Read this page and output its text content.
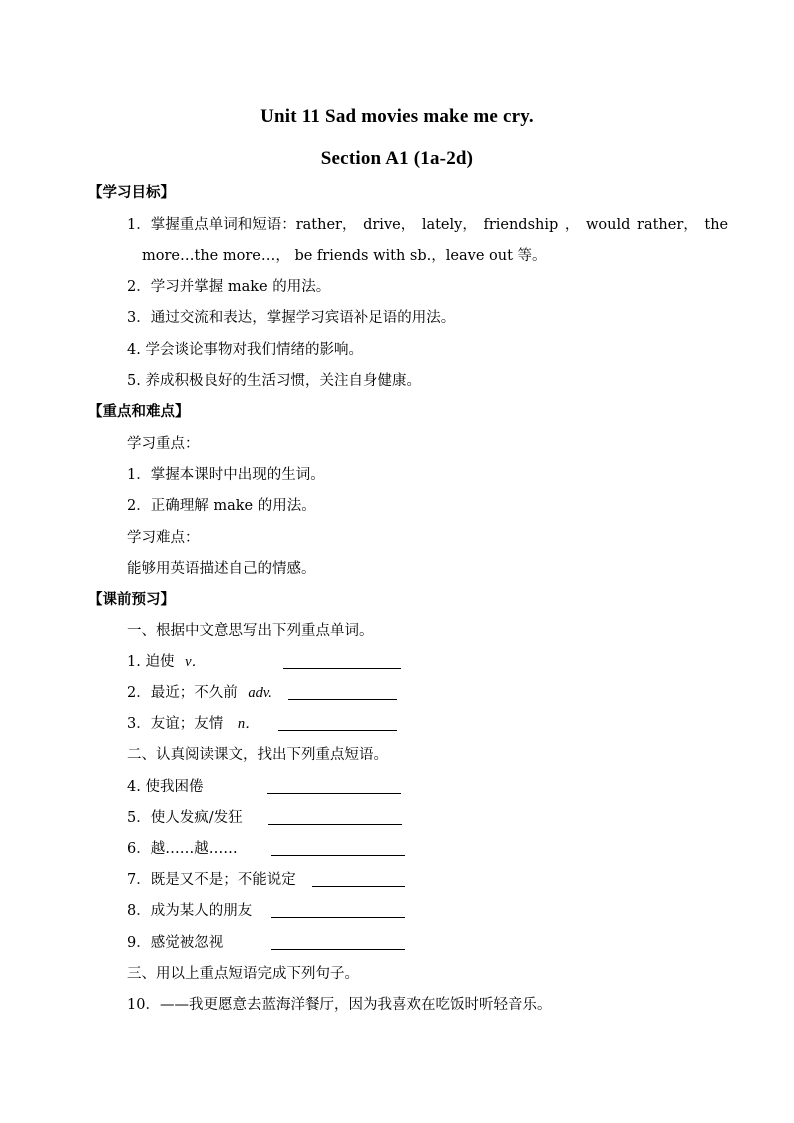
Unit 11 Sad movies make me cry.
Section A1 (1a-2d)
【学习目标】
1．掌握重点单词和短语：rather， drive， lately， friendship ， would rather， the
more…the more…， be friends with sb.，leave out 等。
2．学习并掌握 make 的用法。
3．通过交流和表达，掌握学习宾语补足语的用法。
4. 学会谈论事物对我们情绪的影响。
5. 养成积极良好的生活习惯，关注自身健康。
【重点和难点】
学习重点：
1．掌握本课时中出现的生词。
2．正确理解 make 的用法。
学习难点：
能够用英语描述自己的情感。
【课前预习】
一、根据中文意思写出下列重点单词。
1. 迫使 v．
2．最近；不久前 adv.
3．友谊；友情 n．
二、认真阅读课文，找出下列重点短语。
4. 使我困倦
5．使人发疯/发狂
6．越……越……
7．既是又不是；不能说定
8．成为某人的朋友
9．感觉被忽视
三、用以上重点短语完成下列句子。
10．——我更愿意去蓝海洋餐厅，因为我喜欢在吃饭时听轻音乐。
